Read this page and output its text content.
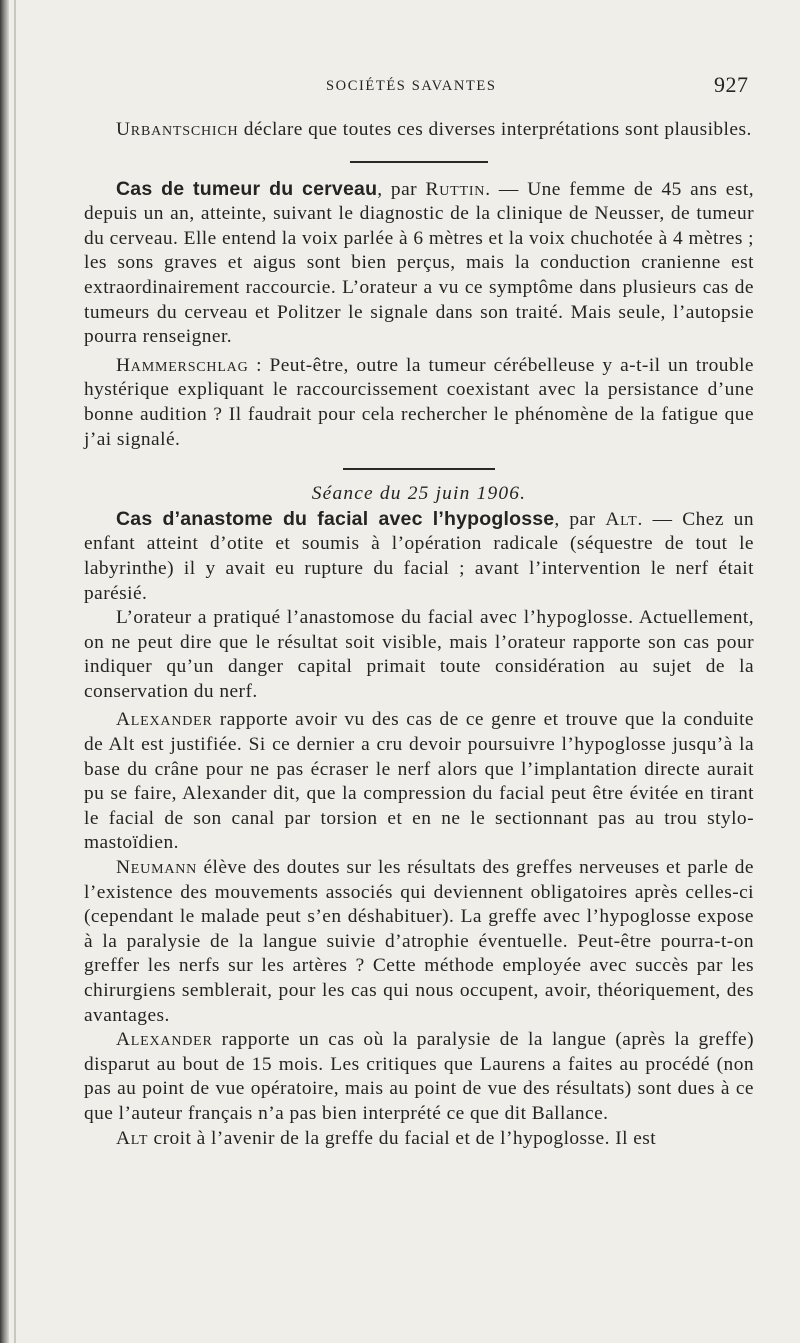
SOCIÉTÉS SAVANTES	927

Urbantschich déclare que toutes ces diverses interprétations sont plausibles.

Cas de tumeur du cerveau, par Ruttin. — Une femme de 45 ans est, depuis un an, atteinte, suivant le diagnostic de la clinique de Neusser, de tumeur du cerveau. Elle entend la voix parlée à 6 mètres et la voix chuchotée à 4 mètres ; les sons graves et aigus sont bien perçus, mais la conduction cranienne est extraordinairement raccourcie. L’orateur a vu ce symptôme dans plusieurs cas de tumeurs du cerveau et Politzer le signale dans son traité. Mais seule, l’autopsie pourra renseigner.

Hammerschlag : Peut-être, outre la tumeur cérébelleuse y a-t-il un trouble hystérique expliquant le raccourcissement coexistant avec la persistance d’une bonne audition ? Il faudrait pour cela rechercher le phénomène de la fatigue que j’ai signalé.

Séance du 25 juin 1906.

Cas d’anastome du facial avec l’hypoglosse, par Alt. — Chez un enfant atteint d’otite et soumis à l’opération radicale (séquestre de tout le labyrinthe) il y avait eu rupture du facial ; avant l’intervention le nerf était parésié.

L’orateur a pratiqué l’anastomose du facial avec l’hypoglosse. Actuellement, on ne peut dire que le résultat soit visible, mais l’orateur rapporte son cas pour indiquer qu’un danger capital primait toute considération au sujet de la conservation du nerf.

Alexander rapporte avoir vu des cas de ce genre et trouve que la conduite de Alt est justifiée. Si ce dernier a cru devoir poursuivre l’hypoglosse jusqu’à la base du crâne pour ne pas écraser le nerf alors que l’implantation directe aurait pu se faire, Alexander dit, que la compression du facial peut être évitée en tirant le facial de son canal par torsion et en ne le sectionnant pas au trou stylo-mastoïdien.

Neumann élève des doutes sur les résultats des greffes nerveuses et parle de l’existence des mouvements associés qui deviennent obligatoires après celles-ci (cependant le malade peut s’en déshabituer). La greffe avec l’hypoglosse expose à la paralysie de la langue suivie d’atrophie éventuelle. Peut-être pourra-t-on greffer les nerfs sur les artères ? Cette méthode employée avec succès par les chirurgiens semblerait, pour les cas qui nous occupent, avoir, théoriquement, des avantages.

Alexander rapporte un cas où la paralysie de la langue (après la greffe) disparut au bout de 15 mois. Les critiques que Laurens a faites au procédé (non pas au point de vue opératoire, mais au point de vue des résultats) sont dues à ce que l’auteur français n’a pas bien interprété ce que dit Ballance.

Alt croit à l’avenir de la greffe du facial et de l’hypoglosse. Il est
